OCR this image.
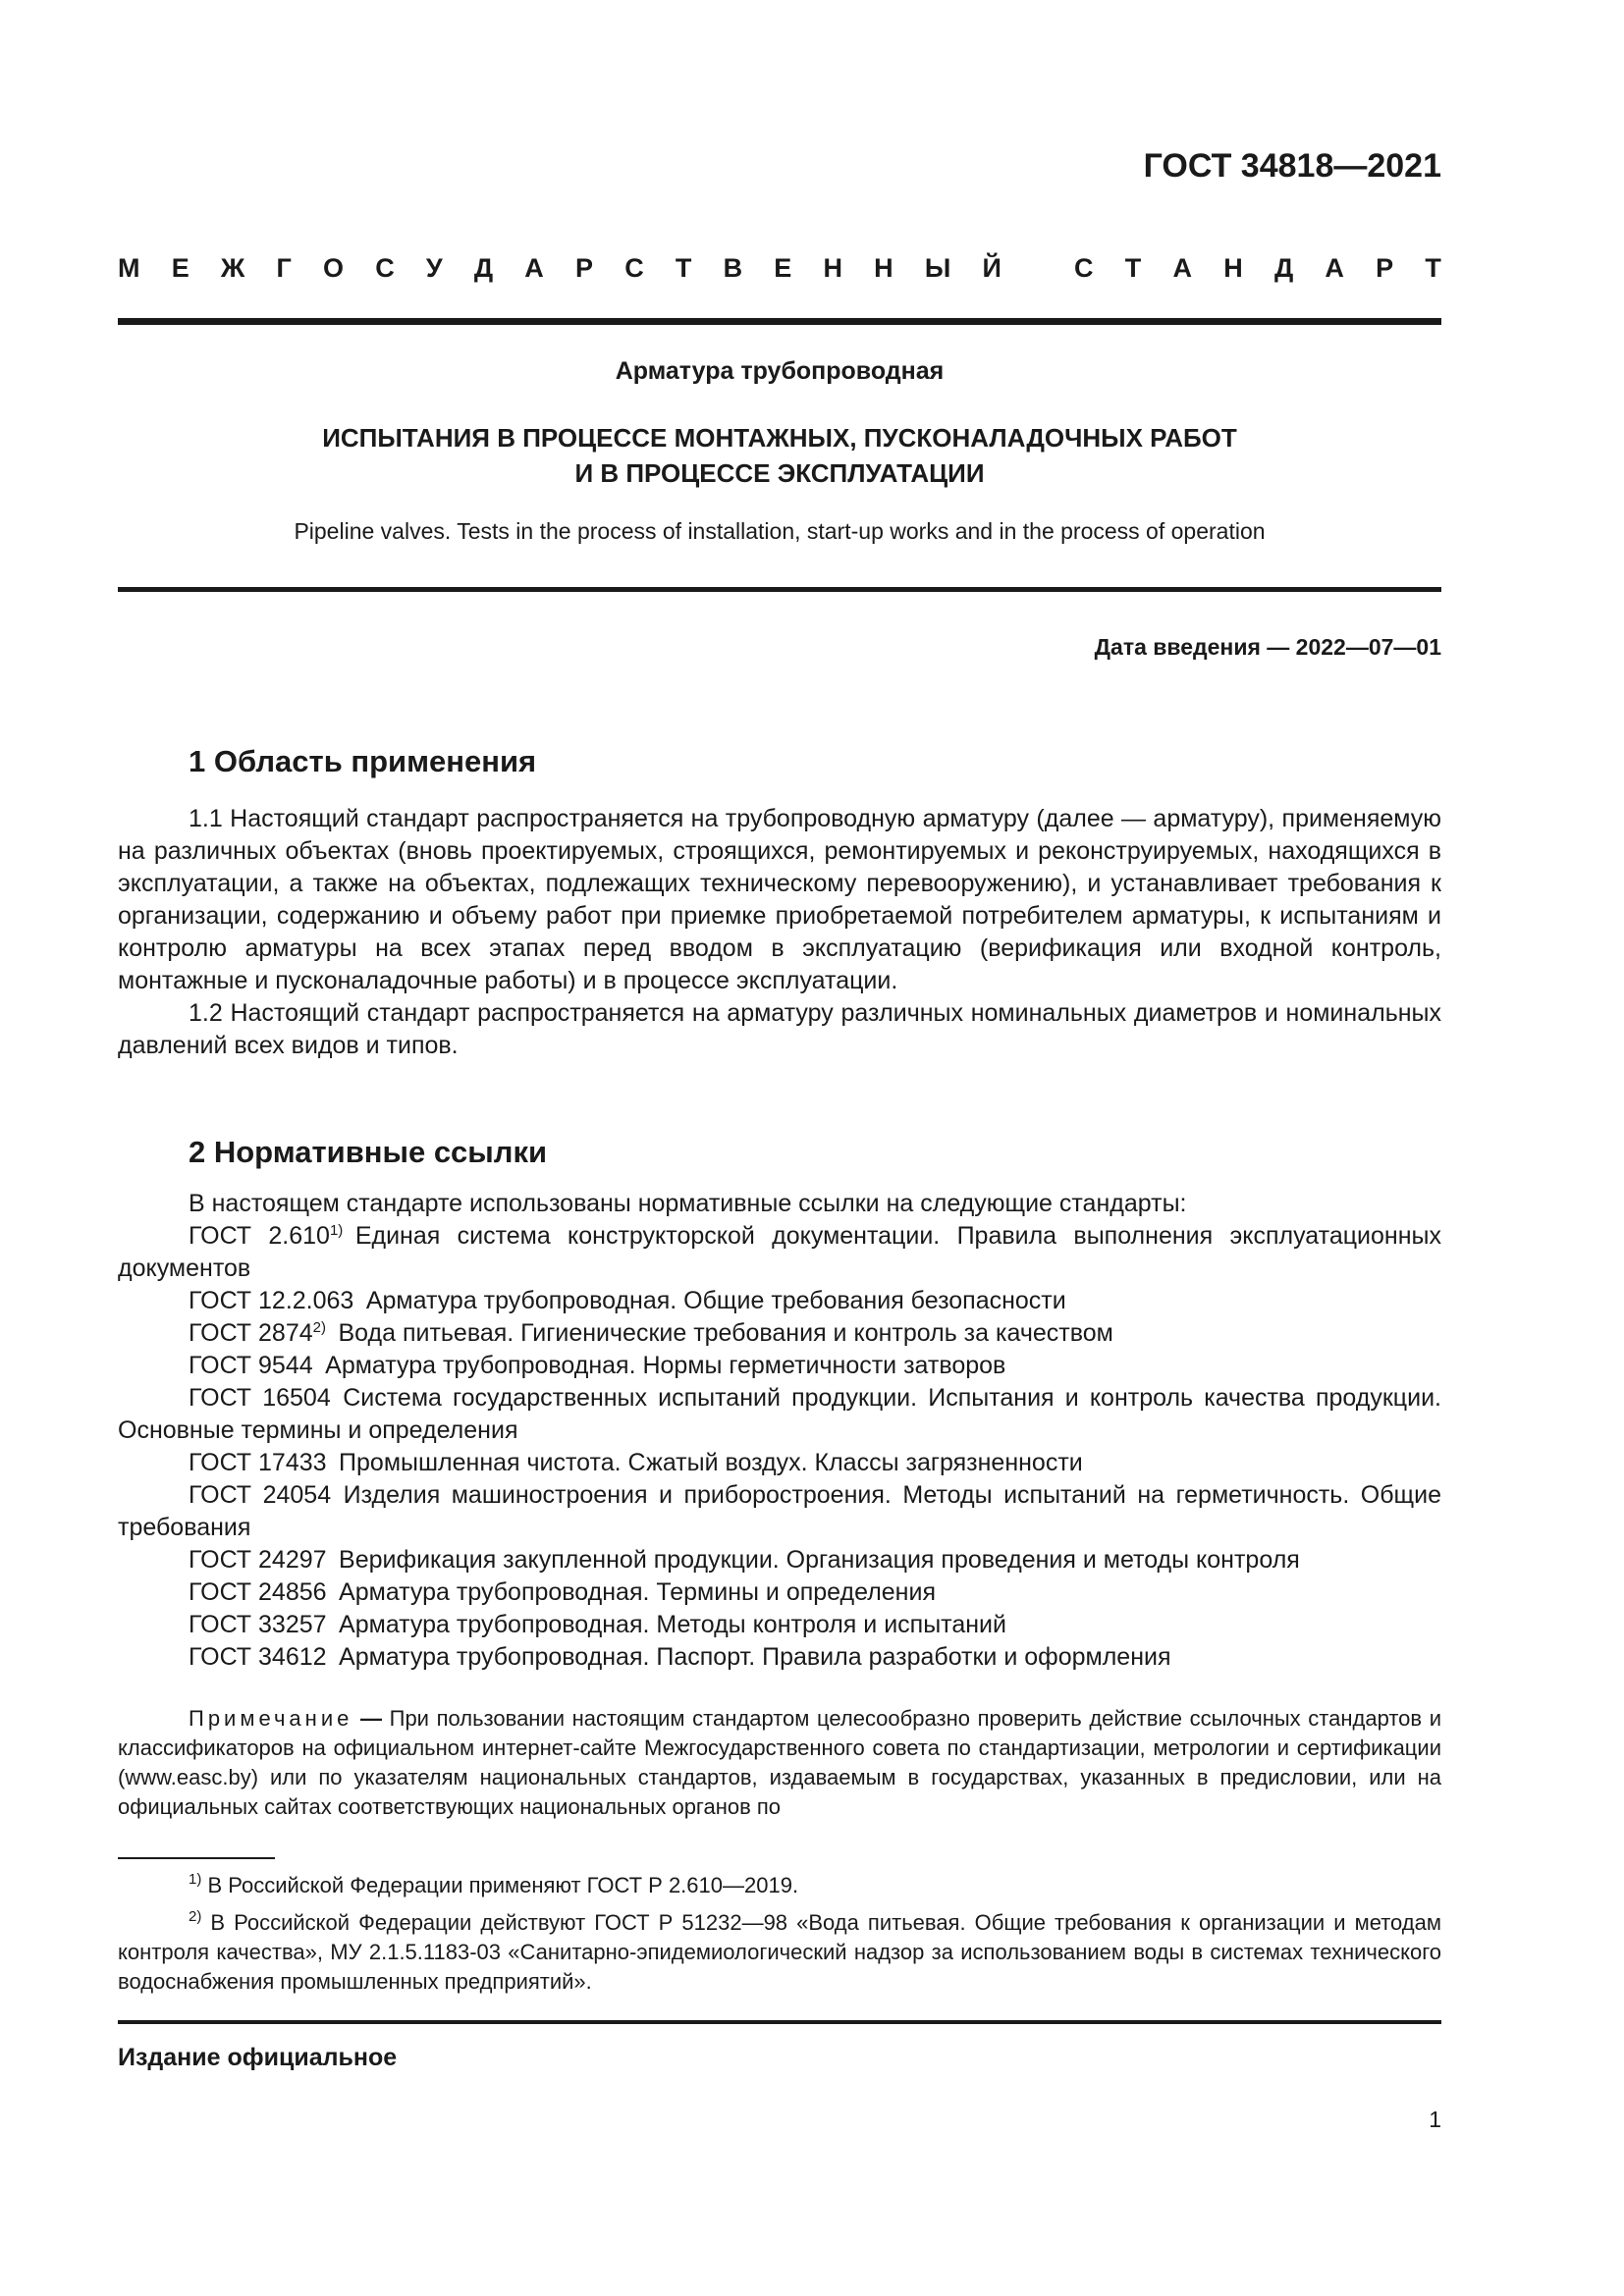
ГОСТ 34818—2021
М Е Ж Г О С У Д А Р С Т В Е Н Н Ы Й	С Т А Н Д А Р Т
Арматура трубопроводная
ИСПЫТАНИЯ В ПРОЦЕССЕ МОНТАЖНЫХ, ПУСКОНАЛАДОЧНЫХ РАБОТ
И В ПРОЦЕССЕ ЭКСПЛУАТАЦИИ
Pipeline valves. Tests in the process of installation, start-up works and in the process of operation
Дата введения — 2022—07—01
1 Область применения

1.1 Настоящий стандарт распространяется на трубопроводную арматуру (далее — арматуру), применяемую на различных объектах (вновь проектируемых, строящихся, ремонтируемых и реконструируемых, находящихся в эксплуатации, а также на объектах, подлежащих техническому перевооружению), и устанавливает требования к организации, содержанию и объему работ при приемке приобретаемой потребителем арматуры, к испытаниям и контролю арматуры на всех этапах перед вводом в эксплуатацию (верификация или входной контроль, монтажные и пусконаладочные работы) и в процессе эксплуатации.

1.2 Настоящий стандарт распространяется на арматуру различных номинальных диаметров и номинальных давлений всех видов и типов.

2 Нормативные ссылки

В настоящем стандарте использованы нормативные ссылки на следующие стандарты:

ГОСТ 2.610$^{1)}$  Единая система конструкторской документации. Правила выполнения эксплуатационных документов

ГОСТ 12.2.063  Арматура трубопроводная. Общие требования безопасности

ГОСТ 2874$^{2)}$  Вода питьевая. Гигиенические требования и контроль за качеством

ГОСТ 9544  Арматура трубопроводная. Нормы герметичности затворов

ГОСТ 16504  Система государственных испытаний продукции. Испытания и контроль качества продукции. Основные термины и определения

ГОСТ 17433  Промышленная чистота. Сжатый воздух. Классы загрязненности

ГОСТ 24054  Изделия машиностроения и приборостроения. Методы испытаний на герметичность. Общие требования

ГОСТ 24297  Верификация закупленной продукции. Организация проведения и методы контроля

ГОСТ 24856  Арматура трубопроводная. Термины и определения

ГОСТ 33257  Арматура трубопроводная. Методы контроля и испытаний

ГОСТ 34612  Арматура трубопроводная. Паспорт. Правила разработки и оформления

Примечание — При пользовании настоящим стандартом целесообразно проверить действие ссылочных стандартов и классификаторов на официальном интернет-сайте Межгосударственного совета по стандартизации, метрологии и сертификации (www.easc.by) или по указателям национальных стандартов, издаваемым в государствах, указанных в предисловии, или на официальных сайтах соответствующих национальных органов по

$^{1)}$ В Российской Федерации применяют ГОСТ Р 2.610—2019.

$^{2)}$ В Российской Федерации действуют ГОСТ Р 51232—98 «Вода питьевая. Общие требования к организации и методам контроля качества», МУ 2.1.5.1183-03 «Санитарно-эпидемиологический надзор за использованием воды в системах технического водоснабжения промышленных предприятий».

Издание официальное
1
